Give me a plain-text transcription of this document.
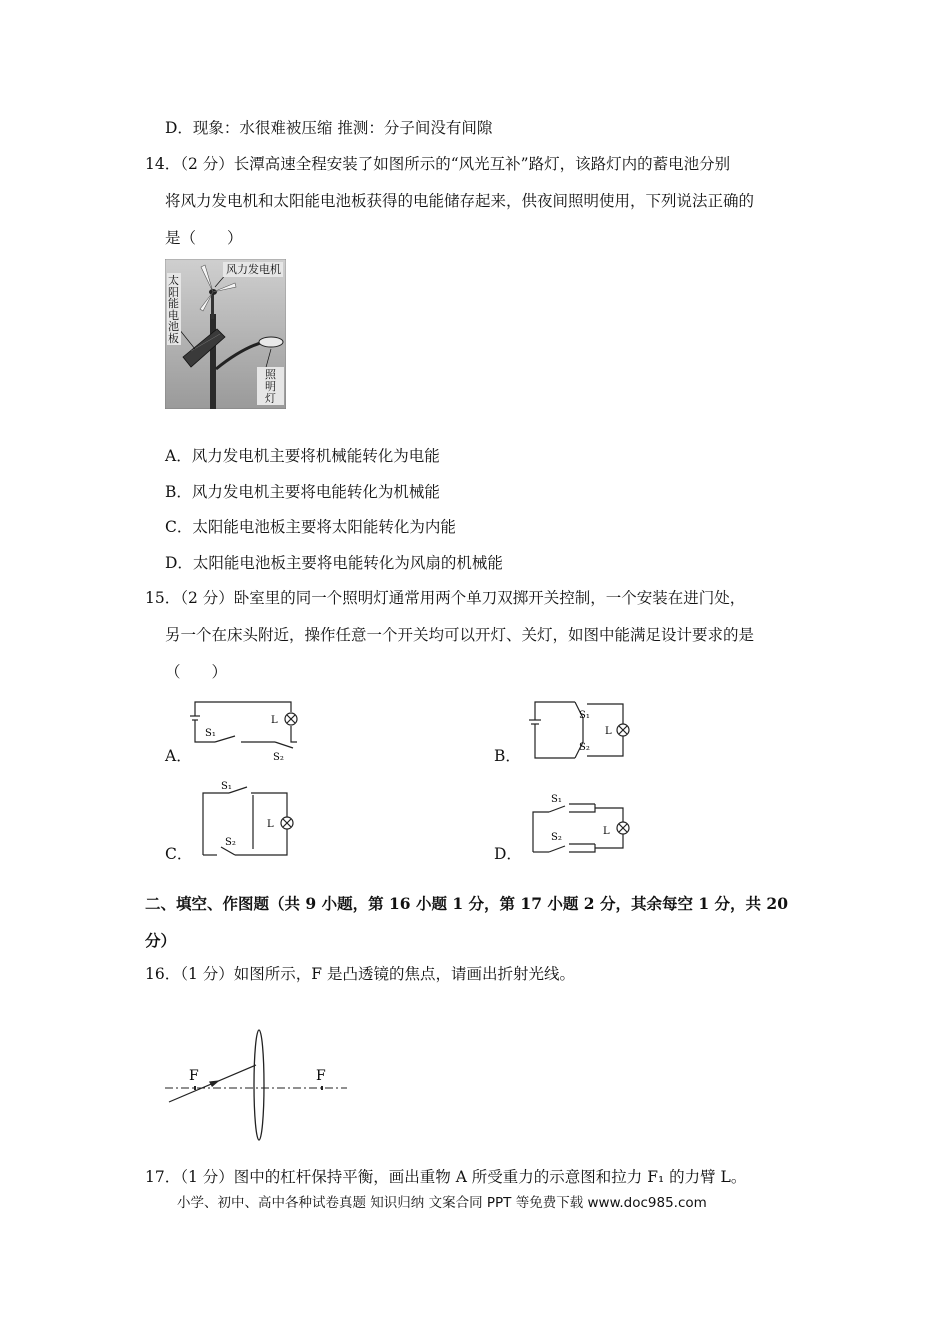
D．现象：水很难被压缩 推测：分子间没有间隙
14．（2 分）长潭高速全程安装了如图所示的“风光互补”路灯，该路灯内的蓄电池分别
将风力发电机和太阳能电池板获得的电能储存起来，供夜间照明使用，下列说法正确的
是（　　）
风力发电机
太阳能电池板
照明灯
A．风力发电机主要将机械能转化为电能
B．风力发电机主要将电能转化为机械能
C．太阳能电池板主要将太阳能转化为内能
D．太阳能电池板主要将电能转化为风扇的机械能
15．（2 分）卧室里的同一个照明灯通常用两个单刀双掷开关控制，一个安装在进门处，
另一个在床头附近，操作任意一个开关均可以开灯、关灯，如图中能满足设计要求的是
（　　）
A．	B．
C．	D．
S₁
S₂
L	S₁
S₂
L
S₁
S₂
L
S₁
S₂
L
二、填空、作图题（共 9 小题，第 16 小题 1 分，第 17 小题 2 分，其余每空 1 分，共 20
分）
16．（1 分）如图所示，F 是凸透镜的焦点，请画出折射光线。
F	F
17．（1 分）图中的杠杆保持平衡，画出重物 A 所受重力的示意图和拉力 F₁ 的力臂 L。
小学、初中、高中各种试卷真题 知识归纳 文案合同 PPT 等免费下载 www.doc985.com
